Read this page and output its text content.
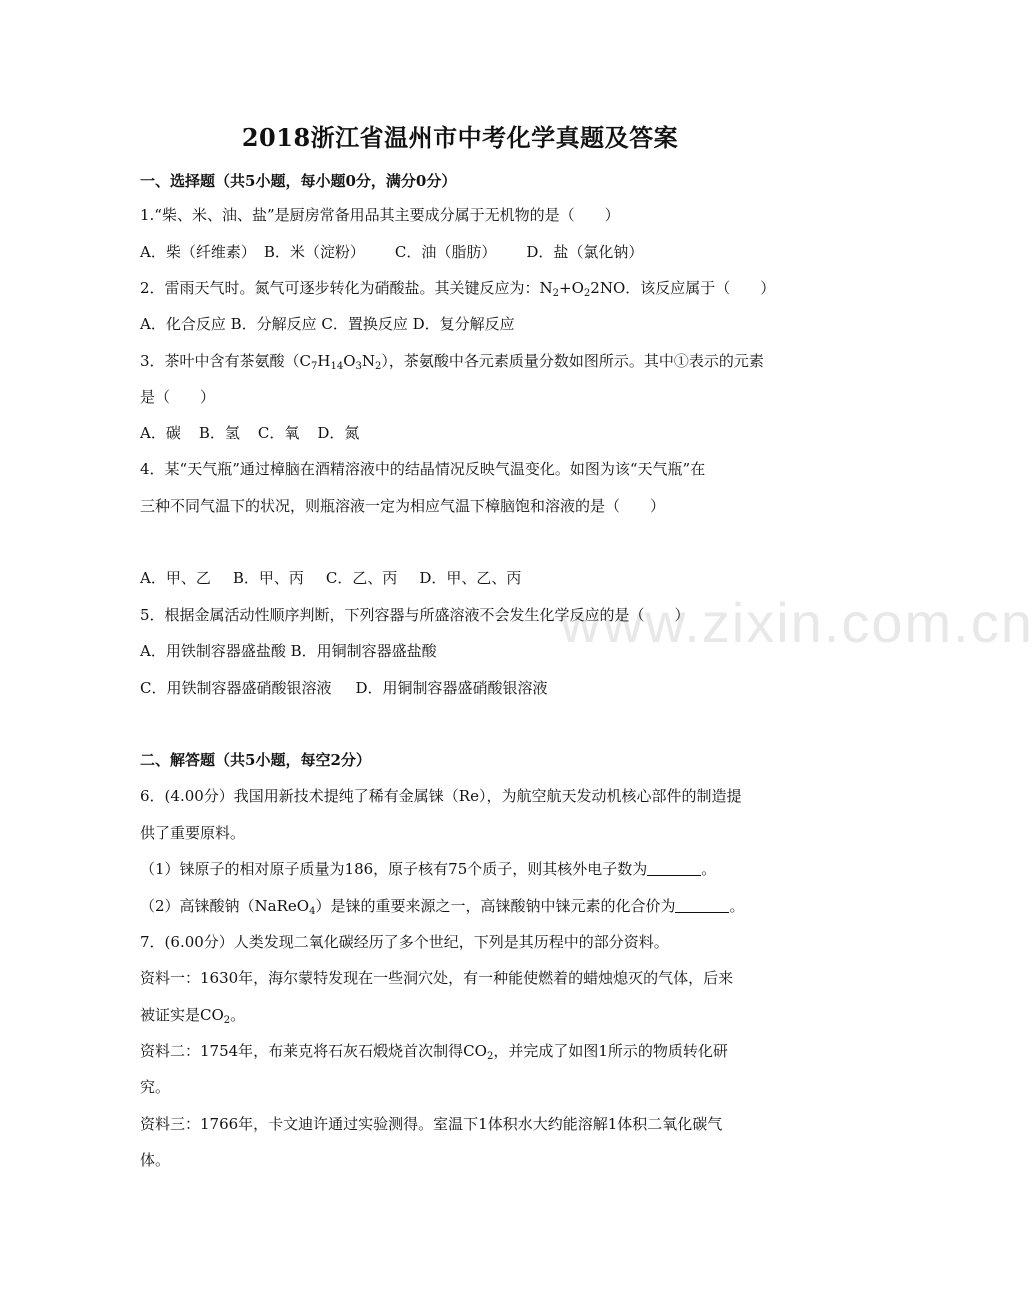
www.zixin.com.cn
2018浙江省温州市中考化学真题及答案
一、选择题（共5小题，每小题0分，满分0分）
1.“柴、米、油、盐”是厨房常备用品其主要成分属于无机物的是（　　）
A．柴（纤维素） B．米（淀粉） C．油（脂肪） D．盐（氯化钠）
2．雷雨天气时。氮气可逐步转化为硝酸盐。其关键反应为：$N_2+O_22NO$．该反应属于（　　）
A．化合反应 B．分解反应 C．置换反应 D．复分解反应
3．茶叶中含有茶氨酸$(C_7H_{14}O_3N_2)$，茶氨酸中各元素质量分数如图所示。其中①表示的元素
是（　　）
A．碳 B．氢 C．氧 D．氮
4．某“天气瓶”通过樟脑在酒精溶液中的结晶情况反映气温变化。如图为该“天气瓶”在
三种不同气温下的状况，则瓶溶液一定为相应气温下樟脑饱和溶液的是（　　）
A．甲、乙 B．甲、丙 C．乙、丙 D．甲、乙、丙
5．根据金属活动性顺序判断，下列容器与所盛溶液不会发生化学反应的是（　　）
A．用铁制容器盛盐酸 B．用铜制容器盛盐酸
C．用铁制容器盛硝酸银溶液 D．用铜制容器盛硝酸银溶液
二、解答题（共5小题，每空2分）
6．(4.00分）我国用新技术提纯了稀有金属铼（Re），为航空航天发动机核心部件的制造提
供了重要原料。
（1）铼原子的相对原子质量为186，原子核有75个质子，则其核外电子数为	。
（2）高铼酸钠（NaReO$_4$）是铼的重要来源之一，高铼酸钠中铼元素的化合价为	。
7．(6.00分）人类发现二氧化碳经历了多个世纪，下列是其历程中的部分资料。
资料一：1630年，海尔蒙特发现在一些洞穴处，有一种能使燃着的蜡烛熄灭的气体，后来
被证实是$CO_2$。
资料二：1754年，布莱克将石灰石煅烧首次制得$CO_2$，并完成了如图1所示的物质转化研
究。
资料三：1766年，卡文迪许通过实验测得。室温下1体积水大约能溶解1体积二氧化碳气
体。
